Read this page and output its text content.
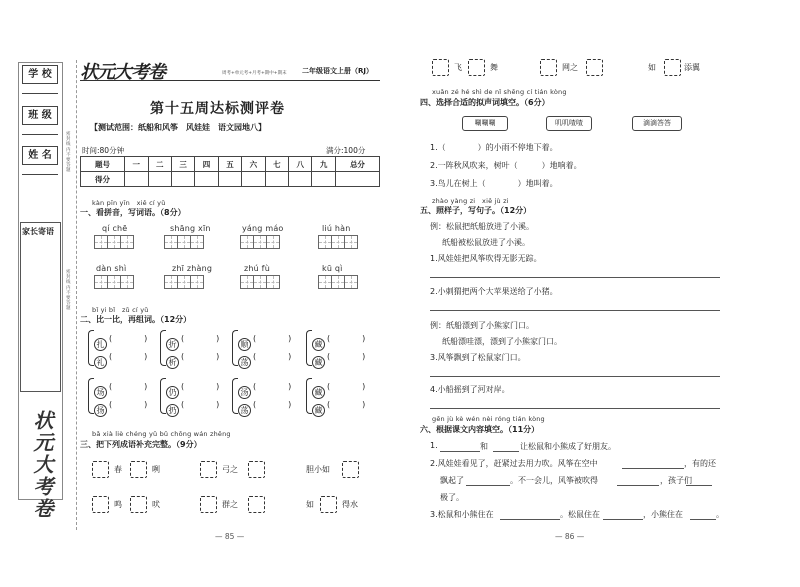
学 校
班 级
姓 名
家长寄语
密封线内不要答题
密封线内不要答题
状元大考卷
状元大考卷	周考+单元考+月考+期中+期末 二年级语文上册（RJ）
第十五周达标测评卷
【测试范围：纸船和风筝　风娃娃　语文园地八】
时间:80分钟	满分:100分
题号	一	二	三	四	五	六	七	八	九	总分
得分										
kàn pīn yīn　xiě cí yǔ
一、看拼音，写词语。（8分）
qí chē	shāng xīn	yáng máo	liú hàn
dàn shì	zhī zhàng	zhú fù	kū qì
bǐ yi bǐ　zǔ cí yǔ
二、比一比，再组词。（12分）
扎
(　　　　)
礼
(　　　　)
折
(　　　　)
析
(　　　　)
顺
(　　　　)
荡
(　　　　)
藏
(　　　　)
藏
(　　　　)
场
(　　　　)
扬
(　　　　)
仍
(　　　　)
扔
(　　　　)
汤
(　　　　)
荡
(　　　　)
藏
(　　　　)
藏
(　　　　)
bǎ xià liè chéng yǔ bǔ chōng wán zhěng
三、把下列成语补充完整。（9分）
春	咧	弓之	胆小如
鸣	吠	群之	如	得水
— 85 —
飞	舞	网之	如	添翼
xuǎn zé hé shì de nǐ shēng cí tián kòng
四、选择合适的拟声词填空。（6分）
唰唰唰	叽叽喳喳	滴滴答答
1.（　　　　）的小雨不停地下着。
2.一阵秋风吹来，树叶（　　　）地响着。
3.鸟儿在树上（　　　　）地叫着。
zhào yàng zi　xiě jù zi
五、照样子，写句子。（12分）
例：松鼠把纸船放进了小溪。
纸船被松鼠放进了小溪。
1.风娃娃把风筝吹得无影无踪。
2.小刺猬把两个大苹果送给了小猪。
例：纸船漂到了小熊家门口。
纸船漂哇漂，漂到了小熊家门口。
3.风筝飘到了松鼠家门口。
4.小船摇到了河对岸。
gēn jù kè wén nèi róng tián kòng
六、根据课文内容填空。（11分）
1.	和	让松鼠和小熊成了好朋友。
2.风娃娃看见了，赶紧过去用力吹。风筝在空中	，有的还
飘起了	。不一会儿，风筝被吹得	，孩子们
极了。
3.松鼠和小熊住在	。松鼠住在	，小熊住在	。
— 86 —
